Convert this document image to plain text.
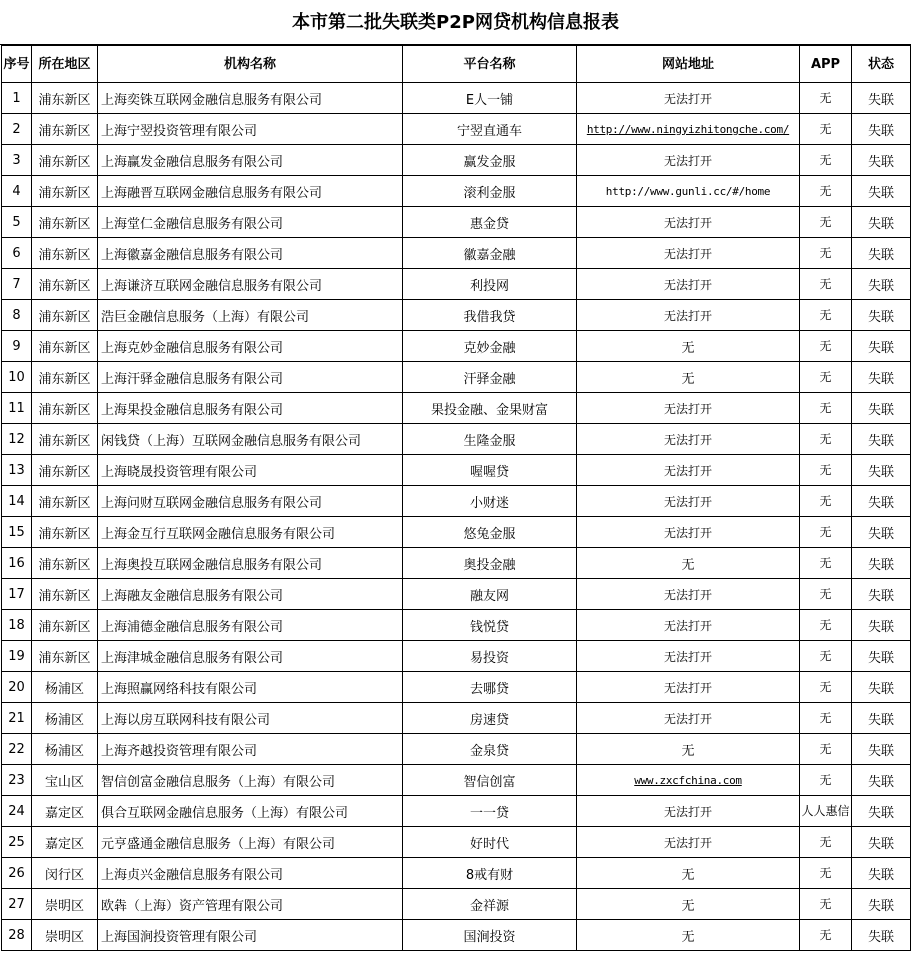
本市第二批失联类P2P网贷机构信息报表
序号	所在地区	机构名称	平台名称	网站地址	APP	状态
1	浦东新区	上海奕铢互联网金融信息服务有限公司	E人一铺	无法打开	无	失联
2	浦东新区	上海宁翌投资管理有限公司	宁翌直通车	http://www.ningyizhitongche.com/	无	失联
3	浦东新区	上海赢发金融信息服务有限公司	赢发金服	无法打开	无	失联
4	浦东新区	上海融晋互联网金融信息服务有限公司	滚利金服	http://www.gunli.cc/#/home	无	失联
5	浦东新区	上海堂仁金融信息服务有限公司	惠金贷	无法打开	无	失联
6	浦东新区	上海徽嘉金融信息服务有限公司	徽嘉金融	无法打开	无	失联
7	浦东新区	上海谦济互联网金融信息服务有限公司	利投网	无法打开	无	失联
8	浦东新区	浩巨金融信息服务（上海）有限公司	我借我贷	无法打开	无	失联
9	浦东新区	上海克妙金融信息服务有限公司	克妙金融	无	无	失联
10	浦东新区	上海汗驿金融信息服务有限公司	汗驿金融	无	无	失联
11	浦东新区	上海果投金融信息服务有限公司	果投金融、金果财富	无法打开	无	失联
12	浦东新区	闲钱贷（上海）互联网金融信息服务有限公司	生隆金服	无法打开	无	失联
13	浦东新区	上海晓晟投资管理有限公司	喔喔贷	无法打开	无	失联
14	浦东新区	上海问财互联网金融信息服务有限公司	小财迷	无法打开	无	失联
15	浦东新区	上海金互行互联网金融信息服务有限公司	悠兔金服	无法打开	无	失联
16	浦东新区	上海奥投互联网金融信息服务有限公司	奥投金融	无	无	失联
17	浦东新区	上海融友金融信息服务有限公司	融友网	无法打开	无	失联
18	浦东新区	上海浦德金融信息服务有限公司	钱悦贷	无法打开	无	失联
19	浦东新区	上海津城金融信息服务有限公司	易投资	无法打开	无	失联
20	杨浦区	上海照赢网络科技有限公司	去哪贷	无法打开	无	失联
21	杨浦区	上海以房互联网科技有限公司	房速贷	无法打开	无	失联
22	杨浦区	上海齐越投资管理有限公司	金泉贷	无	无	失联
23	宝山区	智信创富金融信息服务（上海）有限公司	智信创富	www.zxcfchina.com	无	失联
24	嘉定区	俱合互联网金融信息服务（上海）有限公司	一一贷	无法打开	人人惠信	失联
25	嘉定区	元亨盛通金融信息服务（上海）有限公司	好时代	无法打开	无	失联
26	闵行区	上海贞兴金融信息服务有限公司	8戒有财	无	无	失联
27	崇明区	欧犇（上海）资产管理有限公司	金祥源	无	无	失联
28	崇明区	上海国涧投资管理有限公司	国涧投资	无	无	失联
